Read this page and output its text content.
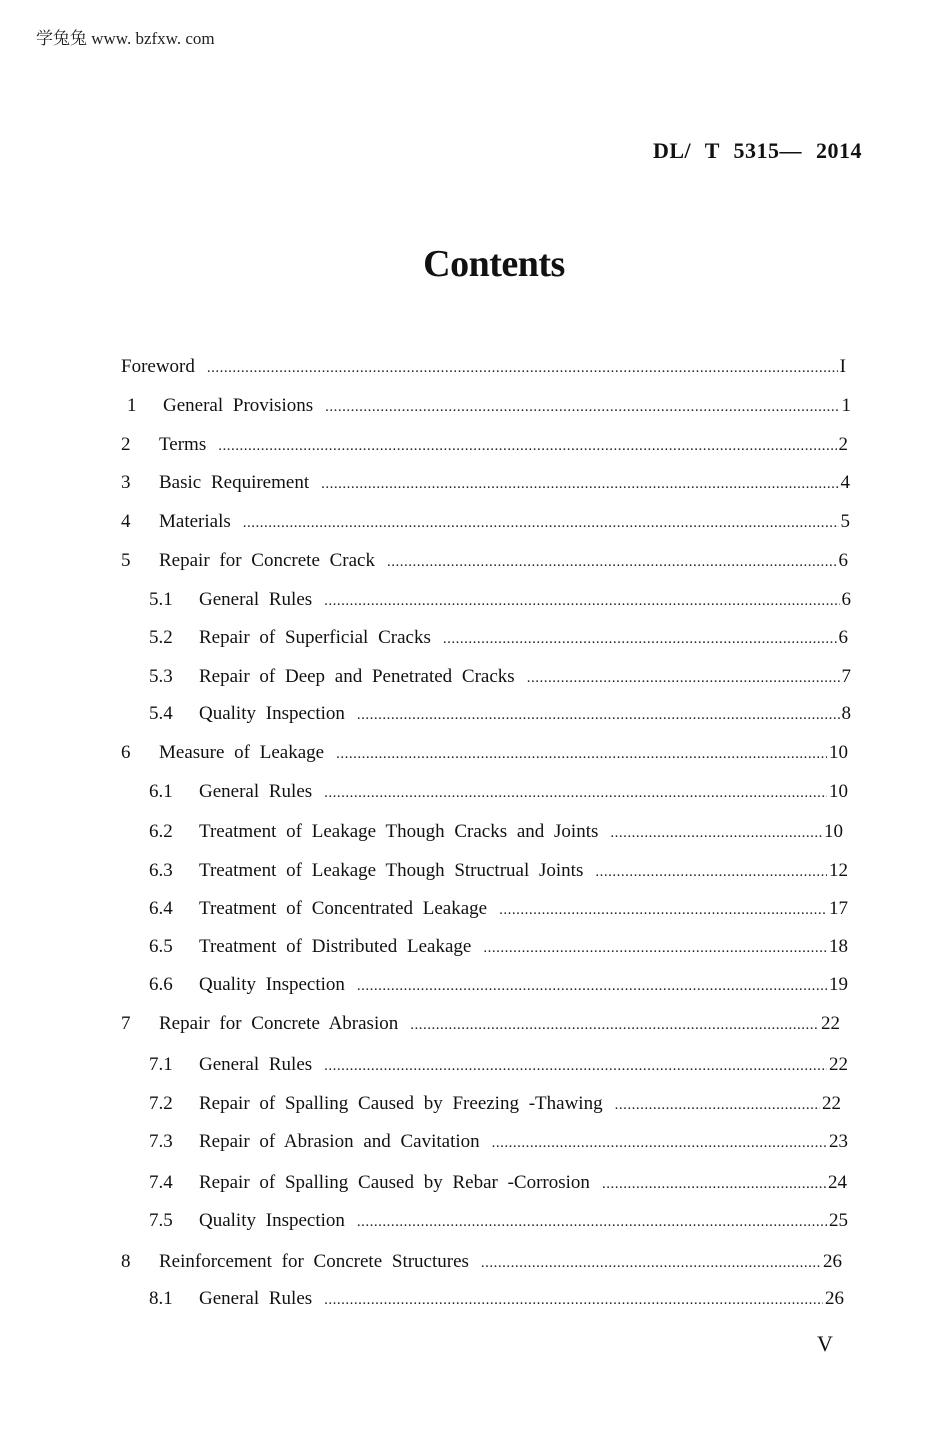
学兔兔 www. bzfxw. com
DL/ T 5315— 2014
Contents
Foreword .....	I
1	General Provisions .....	1
2	Terms .....	2
3	Basic Requirement .....	4
4	Materials .....	5
5	Repair for Concrete Crack .....	6
5.1	General Rules .....	6
5.2	Repair of Superficial Cracks .....	6
5.3	Repair of Deep and Penetrated Cracks .....	7
5.4	Quality Inspection .....	8
6	Measure of Leakage .....	10
6.1	General Rules .....	10
6.2	Treatment of Leakage Though Cracks and Joints .....	10
6.3	Treatment of Leakage Though Structrual Joints .....	12
6.4	Treatment of Concentrated Leakage .....	17
6.5	Treatment of Distributed Leakage .....	18
6.6	Quality Inspection .....	19
7	Repair for Concrete Abrasion .....	22
7.1	General Rules .....	22
7.2	Repair of Spalling Caused by Freezing -Thawing .....	22
7.3	Repair of Abrasion and Cavitation .....	23
7.4	Repair of Spalling Caused by Rebar -Corrosion .....	24
7.5	Quality Inspection .....	25
8	Reinforcement for Concrete Structures .....	26
8.1	General Rules .....	26
V
